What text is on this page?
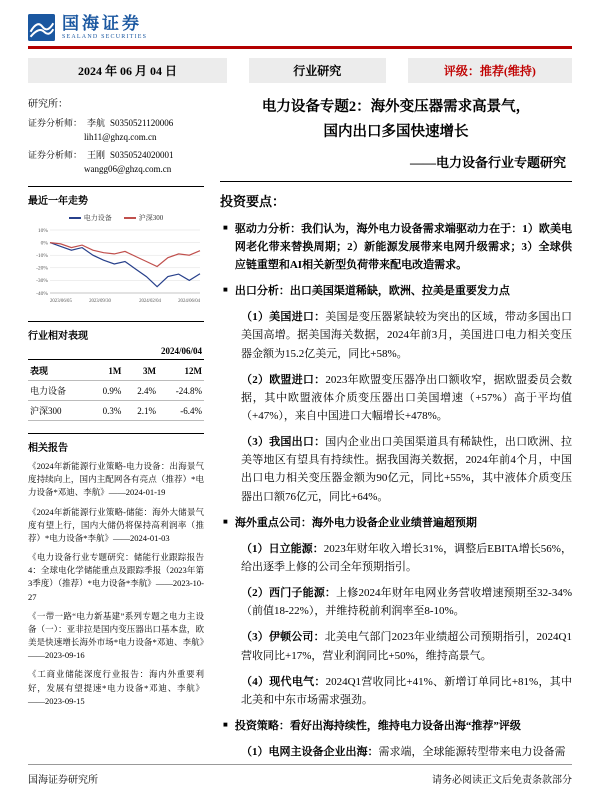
国海证券
SEALAND SECURITIES
2024 年 06 月 04 日	行业研究	评级：推荐(维持)
研究所：
证券分析师： 李航 S0350521120006
lih11@ghzq.com.cn
证券分析师： 王刚 S0350524020001
wangg06@ghzq.com.cn
最近一年走势
电力设备	沪深300
10%
0%
-10%
-20%
-30%
-40%
2023/06/05	2023/09/30	2024/02/04	2024/06/04
行业相对表现
2024/06/04
表现	1M	3M	12M
电力设备	0.9%	2.4%	-24.8%
沪深300	0.3%	2.1%	-6.4%
相关报告
《2024年新能源行业策略-电力设备：出海景气度持续向上，国内主配网各有亮点（推荐）*电力设备*邓迪、李航》——2024-01-19
《2024年新能源行业策略-储能：海外大储景气度有望上行，国内大储仍将保持高利润率（推荐）*电力设备*李航》——2024-01-03
《电力设备行业专题研究：储能行业跟踪报告4：全球电化学储能重点及跟踪季报（2023年第3季度）（推荐）*电力设备*李航》——2023-10-27
《一带一路“电力新基建”系列专题之电力主设备（一）：亚非拉是国内变压器出口基本盘，欧美是快速增长海外市场*电力设备*邓迪、李航》——2023-09-16
《工商业储能深度行业报告：海内外重要利好，发展有望提速*电力设备*邓迪、李航》——2023-09-15
电力设备专题2：海外变压器需求高景气，
国内出口多国快速增长
——电力设备行业专题研究
投资要点：
■ 驱动力分析：我们认为，海外电力设备需求端驱动力在于：1）欧美电网老化带来替换周期；2）新能源发展带来电网升级需求；3）全球供应链重塑和AI相关新型负荷带来配电改造需求。
■ 出口分析：出口美国渠道稀缺，欧洲、拉美是重要发力点
（1）美国进口：美国是变压器紧缺较为突出的区域，带动多国出口美国高增。据美国海关数据，2024年前3月，美国进口电力相关变压器金额为15.2亿美元，同比+58%。
（2）欧盟进口：2023年欧盟变压器净出口额收窄，据欧盟委员会数据，其中欧盟液体介质变压器出口美国增速（+57%）高于平均值（+47%），来自中国进口大幅增长+478%。
（3）我国出口：国内企业出口美国渠道具有稀缺性，出口欧洲、拉美等地区有望具有持续性。据我国海关数据，2024年前4个月，中国出口电力相关变压器金额为90亿元，同比+55%，其中液体介质变压器出口额76亿元，同比+64%。
■ 海外重点公司：海外电力设备企业业绩普遍超预期
（1）日立能源：2023年财年收入增长31%，调整后EBITA增长56%，给出逐季上修的公司全年预期指引。
（2）西门子能源：上修2024年财年电网业务营收增速预期至32-34%（前值18-22%），并维持税前利润率至8-10%。
（3）伊顿公司：北美电气部门2023年业绩超公司预期指引，2024Q1营收同比+17%，营业利润同比+50%，维持高景气。
（4）现代电气：2024Q1营收同比+41%、新增订单同比+81%，其中北美和中东市场需求强劲。
■ 投资策略：看好出海持续性，维持电力设备出海“推荐”评级
（1）电网主设备企业出海：需求端，全球能源转型带来电力设备需
国海证券研究所	请务必阅读正文后免责条款部分
